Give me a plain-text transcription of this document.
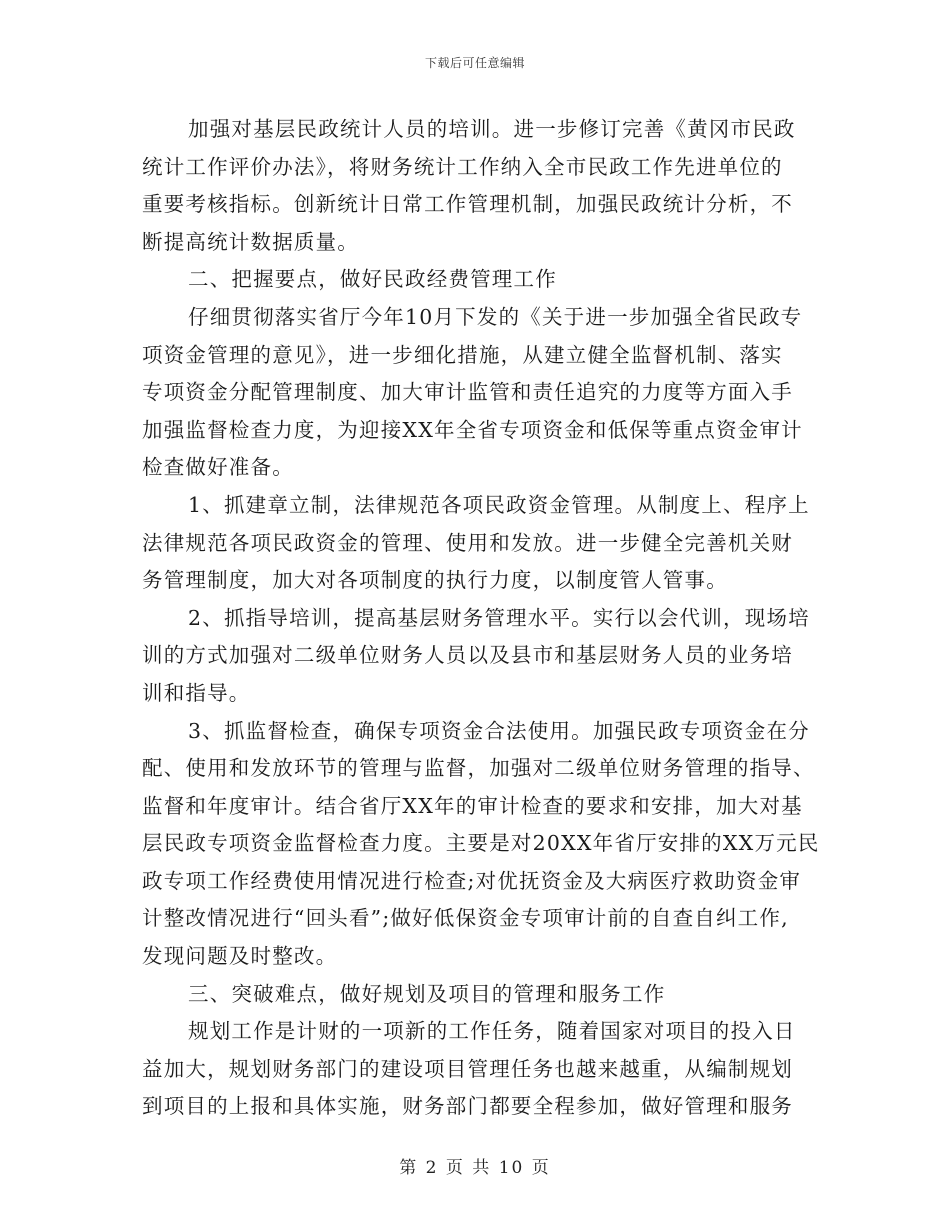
下载后可任意编辑
加强对基层民政统计人员的培训。进一步修订完善《黄冈市民政
统计工作评价办法》，将财务统计工作纳入全市民政工作先进单位的
重要考核指标。创新统计日常工作管理机制，加强民政统计分析，不
断提高统计数据质量。
二、把握要点，做好民政经费管理工作
仔细贯彻落实省厅今年10月下发的《关于进一步加强全省民政专
项资金管理的意见》，进一步细化措施，从建立健全监督机制、落实
专项资金分配管理制度、加大审计监管和责任追究的力度等方面入手
加强监督检查力度，为迎接XX年全省专项资金和低保等重点资金审计
检查做好准备。
1、抓建章立制，法律规范各项民政资金管理。从制度上、程序上
法律规范各项民政资金的管理、使用和发放。进一步健全完善机关财
务管理制度，加大对各项制度的执行力度，以制度管人管事。
2、抓指导培训，提高基层财务管理水平。实行以会代训，现场培
训的方式加强对二级单位财务人员以及县市和基层财务人员的业务培
训和指导。
3、抓监督检查，确保专项资金合法使用。加强民政专项资金在分
配、使用和发放环节的管理与监督，加强对二级单位财务管理的指导、
监督和年度审计。结合省厅XX年的审计检查的要求和安排，加大对基
层民政专项资金监督检查力度。主要是对20XX年省厅安排的XX万元民
政专项工作经费使用情况进行检查;对优抚资金及大病医疗救助资金审
计整改情况进行“回头看”;做好低保资金专项审计前的自查自纠工作,
发现问题及时整改。
三、突破难点，做好规划及项目的管理和服务工作
规划工作是计财的一项新的工作任务，随着国家对项目的投入日
益加大，规划财务部门的建设项目管理任务也越来越重，从编制规划
到项目的上报和具体实施，财务部门都要全程参加，做好管理和服务
第 2 页 共 10 页
